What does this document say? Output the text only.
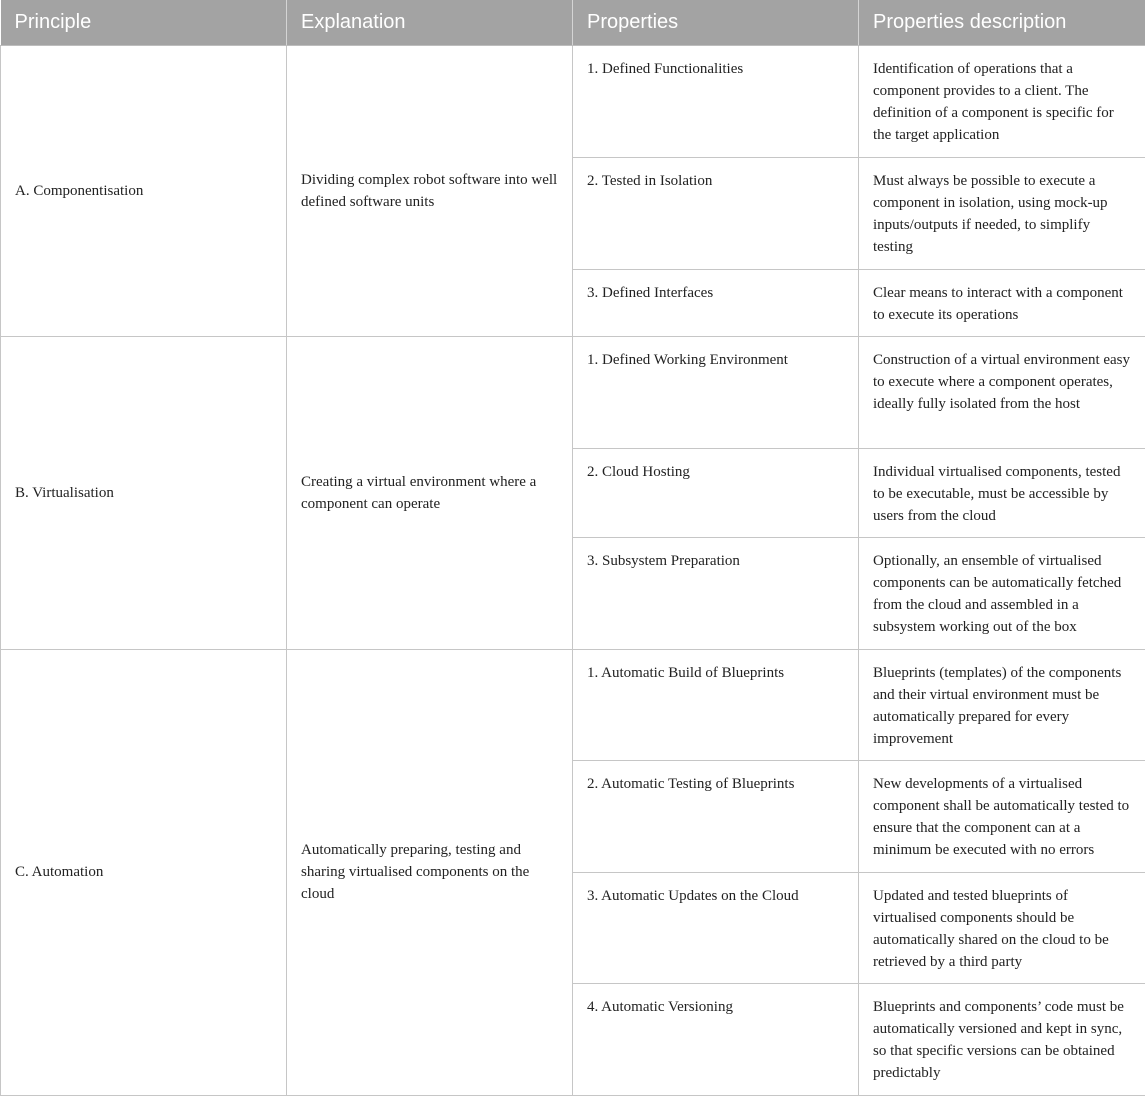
Principle	Explanation	Properties	Properties description
A. Componentisation	Dividing complex robot software into well defined software units	1. Defined Functionalities	Identification of operations that a component provides to a client. The definition of a component is specific for the target application
		2. Tested in Isolation	Must always be possible to execute a component in isolation, using mock-up inputs/outputs if needed, to simplify testing
		3. Defined Interfaces	Clear means to interact with a component to execute its operations
B. Virtualisation	Creating a virtual environment where a component can operate	1. Defined Working Environment	Construction of a virtual environment easy to execute where a component operates, ideally fully isolated from the host
		2. Cloud Hosting	Individual virtualised components, tested to be executable, must be accessible by users from the cloud
		3. Subsystem Preparation	Optionally, an ensemble of virtualised components can be automatically fetched from the cloud and assembled in a subsystem working out of the box
C. Automation	Automatically preparing, testing and sharing virtualised components on the cloud	1. Automatic Build of Blueprints	Blueprints (templates) of the components and their virtual environment must be automatically prepared for every improvement
		2. Automatic Testing of Blueprints	New developments of a virtualised component shall be automatically tested to ensure that the component can at a minimum be executed with no errors
		3. Automatic Updates on the Cloud	Updated and tested blueprints of virtualised components should be automatically shared on the cloud to be retrieved by a third party
		4. Automatic Versioning	Blueprints and components’ code must be automatically versioned and kept in sync, so that specific versions can be obtained predictably
